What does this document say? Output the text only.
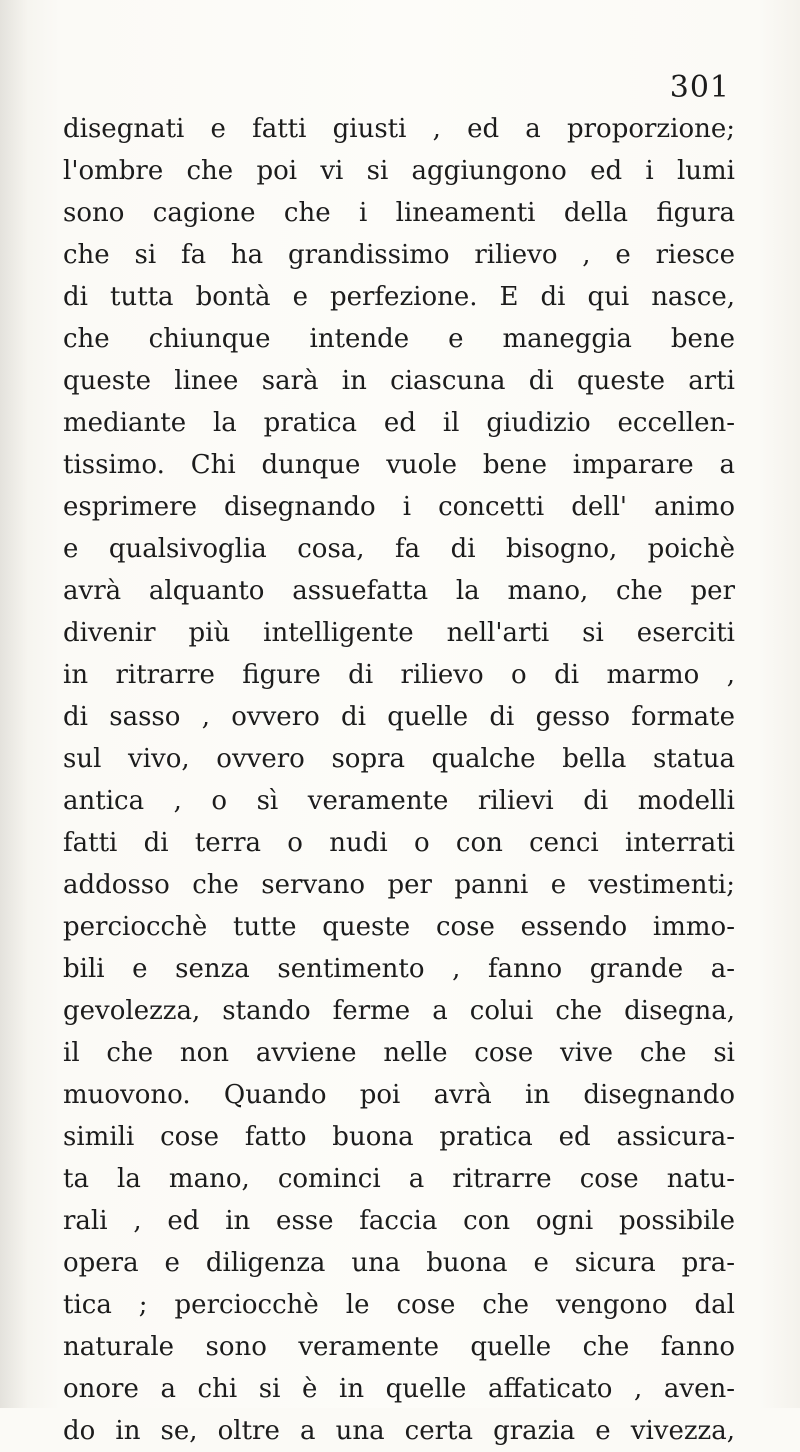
301
disegnati e fatti giusti , ed a proporzione;
l'ombre che poi vi si aggiungono ed i lumi
sono cagione che i lineamenti della figura
che si fa ha grandissimo rilievo , e riesce
di tutta bontà e perfezione. E di qui nasce,
che chiunque intende e maneggia bene
queste linee sarà in ciascuna di queste arti
mediante la pratica ed il giudizio eccellen-
tissimo. Chi dunque vuole bene imparare a
esprimere disegnando i concetti dell' animo
e qualsivoglia cosa, fa di bisogno, poichè
avrà alquanto assuefatta la mano, che per
divenir più intelligente nell'arti si eserciti
in ritrarre figure di rilievo o di marmo ,
di sasso , ovvero di quelle di gesso formate
sul vivo, ovvero sopra qualche bella statua
antica , o sì veramente rilievi di modelli
fatti di terra o nudi o con cenci interrati
addosso che servano per panni e vestimenti;
perciocchè tutte queste cose essendo immo-
bili e senza sentimento , fanno grande a-
gevolezza, stando ferme a colui che disegna,
il che non avviene nelle cose vive che si
muovono. Quando poi avrà in disegnando
simili cose fatto buona pratica ed assicura-
ta la mano, cominci a ritrarre cose natu-
rali , ed in esse faccia con ogni possibile
opera e diligenza una buona e sicura pra-
tica ; perciocchè le cose che vengono dal
naturale sono veramente quelle che fanno
onore a chi si è in quelle affaticato , aven-
do in se, oltre a una certa grazia e vivezza,
